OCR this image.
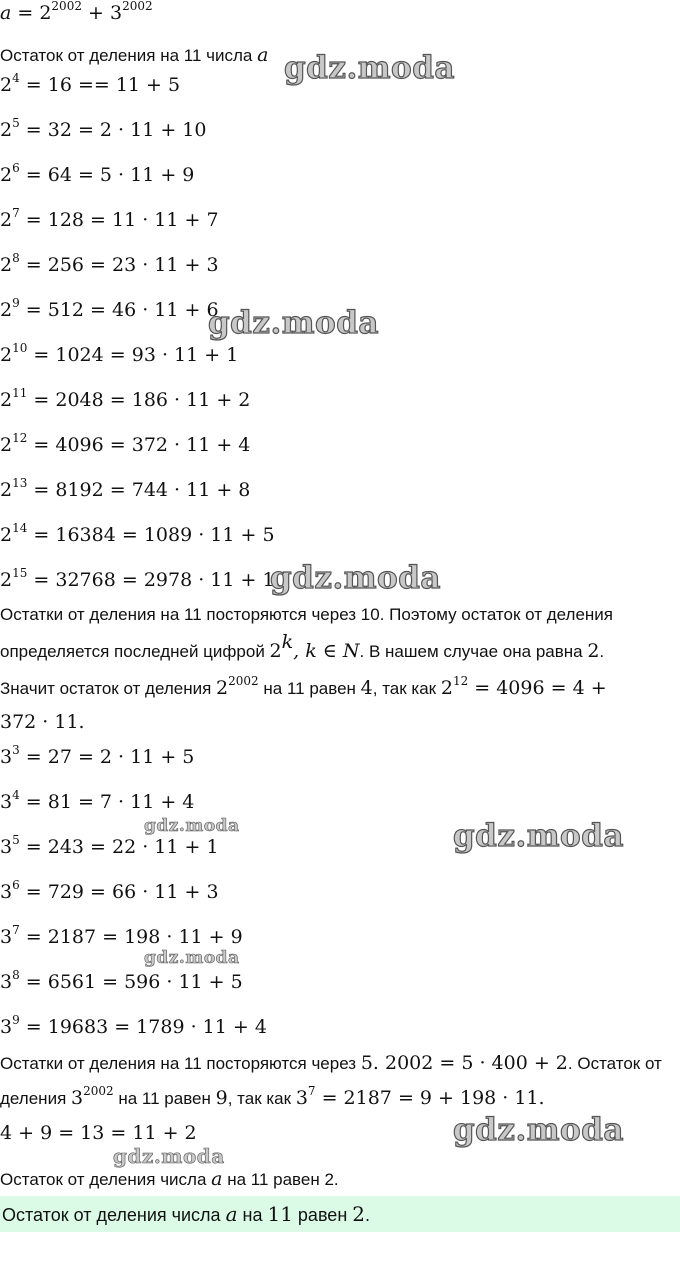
$a = 2^{2002} + 3^{2002}$
Остаток от деления на 11 числа a
$2^4 = 16 == 11 + 5$
$2^5 = 32 = 2 \cdot 11 + 10$
$2^6 = 64 = 5 \cdot 11 + 9$
$2^7 = 128 = 11 \cdot 11 + 7$
$2^8 = 256 = 23 \cdot 11 + 3$
$2^9 = 512 = 46 \cdot 11 + 6$
$2^{10} = 1024 = 93 \cdot 11 + 1$
$2^{11} = 2048 = 186 \cdot 11 + 2$
$2^{12} = 4096 = 372 \cdot 11 + 4$
$2^{13} = 8192 = 744 \cdot 11 + 8$
$2^{14} = 16384 = 1089 \cdot 11 + 5$
$2^{15} = 32768 = 2978 \cdot 11 + 10$
Остатки от деления на 11 посторяются через 10. Поэтому остаток от деления
определяется последней цифрой 2$^k$, k ∈ N. В нашем случае она равна 2.
Значит остаток от деления $2^{2002}$ на 11 равен 4, так как $2^{12} = 4096 = 4$ +
372 · 11.
$3^3 = 27 = 2 \cdot 11 + 5$
$3^4 = 81 = 7 \cdot 11 + 4$
$3^5 = 243 = 22 \cdot 11 + 1$
$3^6 = 729 = 66 \cdot 11 + 3$
$3^7 = 2187 = 198 \cdot 11 + 9$
$3^8 = 6561 = 596 \cdot 11 + 5$
$3^9 = 19683 = 1789 \cdot 11 + 4$
Остатки от деления на 11 посторяются через 5. 2002 = 5 · 400 + 2. Остаток от
деления $3^{2002}$ на 11 равен 9, так как $3^7 = 2187 = 9 + 198 \cdot 11$.
4 + 9 = 13 = 11 + 2
Остаток от деления числа a на 11 равен 2.
Остаток от деления числа a на 11 равен 2.
gdz.moda
gdz.moda
gdz.moda
gdz.moda	gdz.moda
gdz.moda
gdz.moda
gdz.moda
